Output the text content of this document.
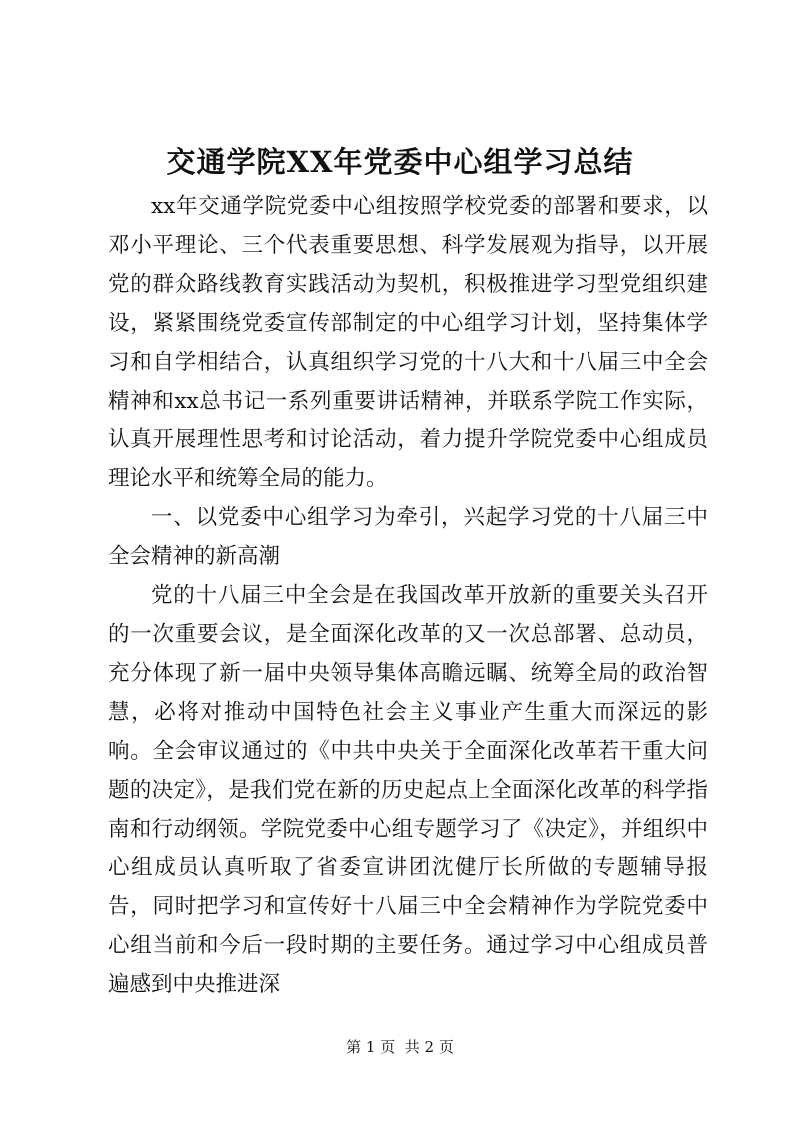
交通学院XX年党委中心组学习总结

xx年交通学院党委中心组按照学校党委的部署和要求，以邓小平理论、三个代表重要思想、科学发展观为指导，以开展党的群众路线教育实践活动为契机，积极推进学习型党组织建设，紧紧围绕党委宣传部制定的中心组学习计划，坚持集体学习和自学相结合，认真组织学习党的十八大和十八届三中全会精神和xx总书记一系列重要讲话精神，并联系学院工作实际，认真开展理性思考和讨论活动，着力提升学院党委中心组成员理论水平和统筹全局的能力。

一、以党委中心组学习为牵引，兴起学习党的十八届三中全会精神的新高潮

党的十八届三中全会是在我国改革开放新的重要关头召开的一次重要会议，是全面深化改革的又一次总部署、总动员，充分体现了新一届中央领导集体高瞻远瞩、统筹全局的政治智慧，必将对推动中国特色社会主义事业产生重大而深远的影响。全会审议通过的《中共中央关于全面深化改革若干重大问题的决定》，是我们党在新的历史起点上全面深化改革的科学指南和行动纲领。学院党委中心组专题学习了《决定》，并组织中心组成员认真听取了省委宣讲团沈健厅长所做的专题辅导报告，同时把学习和宣传好十八届三中全会精神作为学院党委中心组当前和今后一段时期的主要任务。通过学习中心组成员普遍感到中央推进深

第 1 页  共 2 页
